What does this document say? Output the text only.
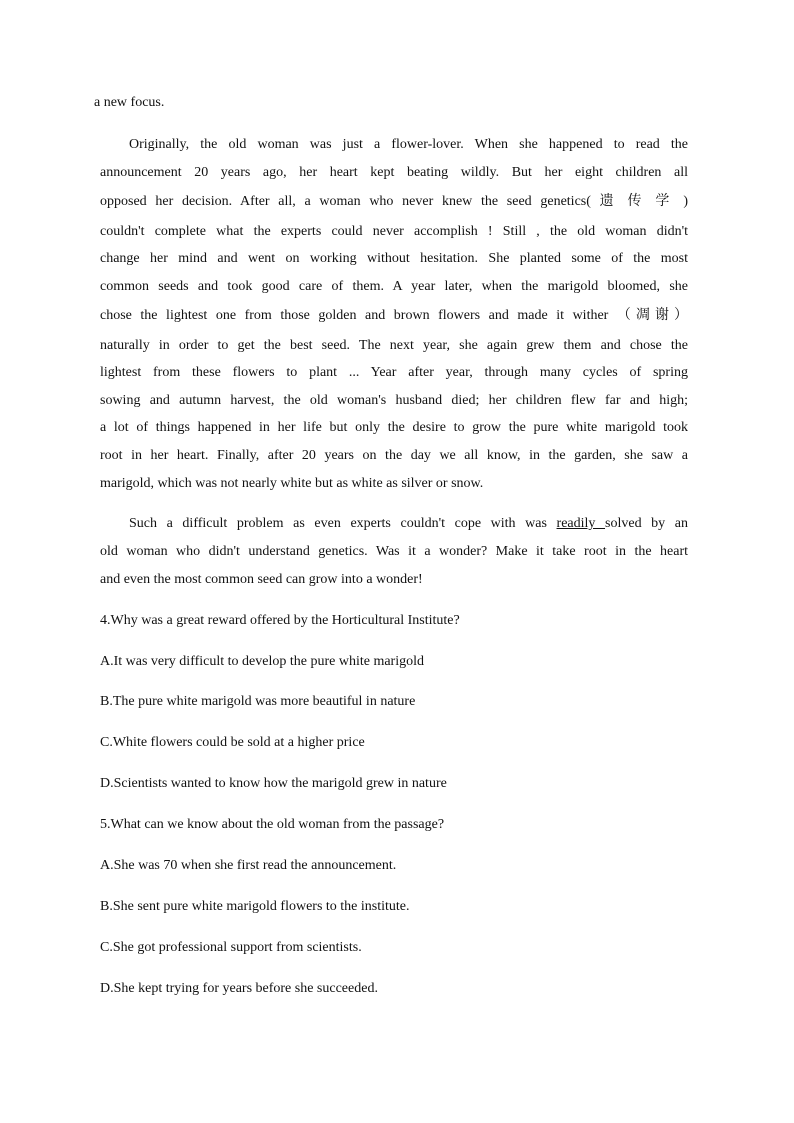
a new focus.
Originally, the old woman was just a flower-lover. When she happened to read the
announcement 20 years ago, her heart kept beating wildly. But her eight children all
opposed her decision. After all, a woman who never knew the seed genetics( 遗 传 学 )
couldn't complete what the experts could never accomplish ! Still , the old woman didn't
change her mind and went on working without hesitation. She planted some of the most
common seeds and took good care of them. A year later, when the marigold bloomed, she
chose the lightest one from those golden and brown flowers and made it wither （凋谢）
naturally in order to get the best seed. The next year, she again grew them and chose the
lightest from these flowers to plant ... Year after year, through many cycles of spring
sowing and autumn harvest, the old woman's husband died; her children flew far and high;
a lot of things happened in her life but only the desire to grow the pure white marigold took
root in her heart. Finally, after 20 years on the day we all know, in the garden, she saw a
marigold, which was not nearly white but as white as silver or snow.
Such a difficult problem as even experts couldn't cope with was readily solved by an
old woman who didn't understand genetics. Was it a wonder? Make it take root in the heart
and even the most common seed can grow into a wonder!
4.Why was a great reward offered by the Horticultural Institute?
A.It was very difficult to develop the pure white marigold
B.The pure white marigold was more beautiful in nature
C.White flowers could be sold at a higher price
D.Scientists wanted to know how the marigold grew in nature
5.What can we know about the old woman from the passage?
A.She was 70 when she first read the announcement.
B.She sent pure white marigold flowers to the institute.
C.She got professional support from scientists.
D.She kept trying for years before she succeeded.
